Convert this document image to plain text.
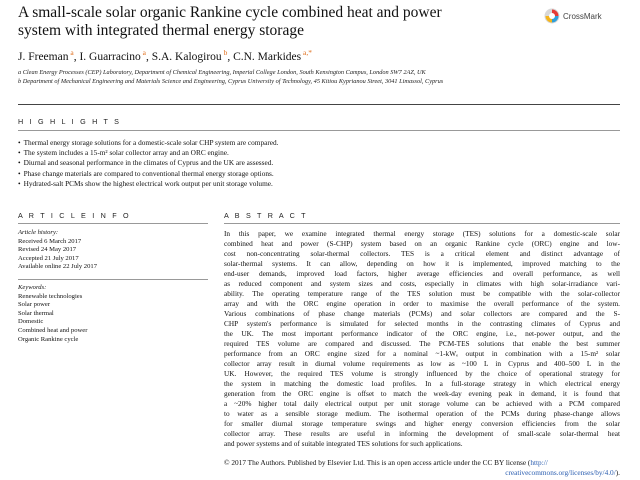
A small-scale solar organic Rankine cycle combined heat and power
system with integrated thermal energy storage
CrossMark
J. Freeman $^a$, I. Guarracino $^a$, S.A. Kalogirou $^b$, C.N. Markides $^{a,*}$
a Clean Energy Processes (CEP) Laboratory, Department of Chemical Engineering, Imperial College London, South Kensington Campus, London SW7 2AZ, UK
b Department of Mechanical Engineering and Materials Science and Engineering, Cyprus University of Technology, 45 Kitiou Kyprianou Street, 3041 Limassol, Cyprus
H I G H L I G H T S
• Thermal energy storage solutions for a domestic-scale solar CHP system are compared.
• The system includes a 15-m² solar collector array and an ORC engine.
• Diurnal and seasonal performance in the climates of Cyprus and the UK are assessed.
• Phase change materials are compared to conventional thermal energy storage options.
• Hydrated-salt PCMs show the highest electrical work output per unit storage volume.
A R T I C L E I N F O	A B S T R A C T
Article history:
Received 6 March 2017
Revised 24 May 2017
Accepted 21 July 2017
Available online 22 July 2017
Keywords:
Renewable technologies
Solar power
Solar thermal
Domestic
Combined heat and power
Organic Rankine cycle
In this paper, we examine integrated thermal energy storage (TES) solutions for a domestic-scale solar
combined heat and power (S-CHP) system based on an organic Rankine cycle (ORC) engine and low-
cost non-concentrating solar-thermal collectors. TES is a critical element and distinct advantage of
solar-thermal systems. It can allow, depending on how it is implemented, improved matching to the
end-user demands, improved load factors, higher average efficiencies and overall performance, as well
as reduced component and system sizes and costs, especially in climates with high solar-irradiance vari-
ability. The operating temperature range of the TES solution must be compatible with the solar-collector
array and with the ORC engine operation in order to maximise the overall performance of the system.
Various combinations of phase change materials (PCMs) and solar collectors are compared and the S-
CHP system's performance is simulated for selected months in the contrasting climates of Cyprus and
the UK. The most important performance indicator of the ORC engine, i.e., net-power output, and the
required TES volume are compared and discussed. The PCM-TES solutions that enable the best summer
performance from an ORC engine sized for a nominal ~1-kWₑ output in combination with a 15-m² solar
collector array result in diurnal volume requirements as low as ~100 L in Cyprus and 400–500 L in the
UK. However, the required TES volume is strongly influenced by the choice of operational strategy for
the system in matching the domestic load profiles. In a full-storage strategy in which electrical energy
generation from the ORC engine is offset to match the week-day evening peak in demand, it is found that
a ~20% higher total daily electrical output per unit storage volume can be achieved with a PCM compared
to water as a sensible storage medium. The isothermal operation of the PCMs during phase-change allows
for smaller diurnal storage temperature swings and higher energy conversion efficiencies from the solar
collector array. These results are useful in informing the development of small-scale solar-thermal heat
and power systems and of suitable integrated TES solutions for such applications.
© 2017 The Authors. Published by Elsevier Ltd. This is an open access article under the CC BY license (http://
creativecommons.org/licenses/by/4.0/).
